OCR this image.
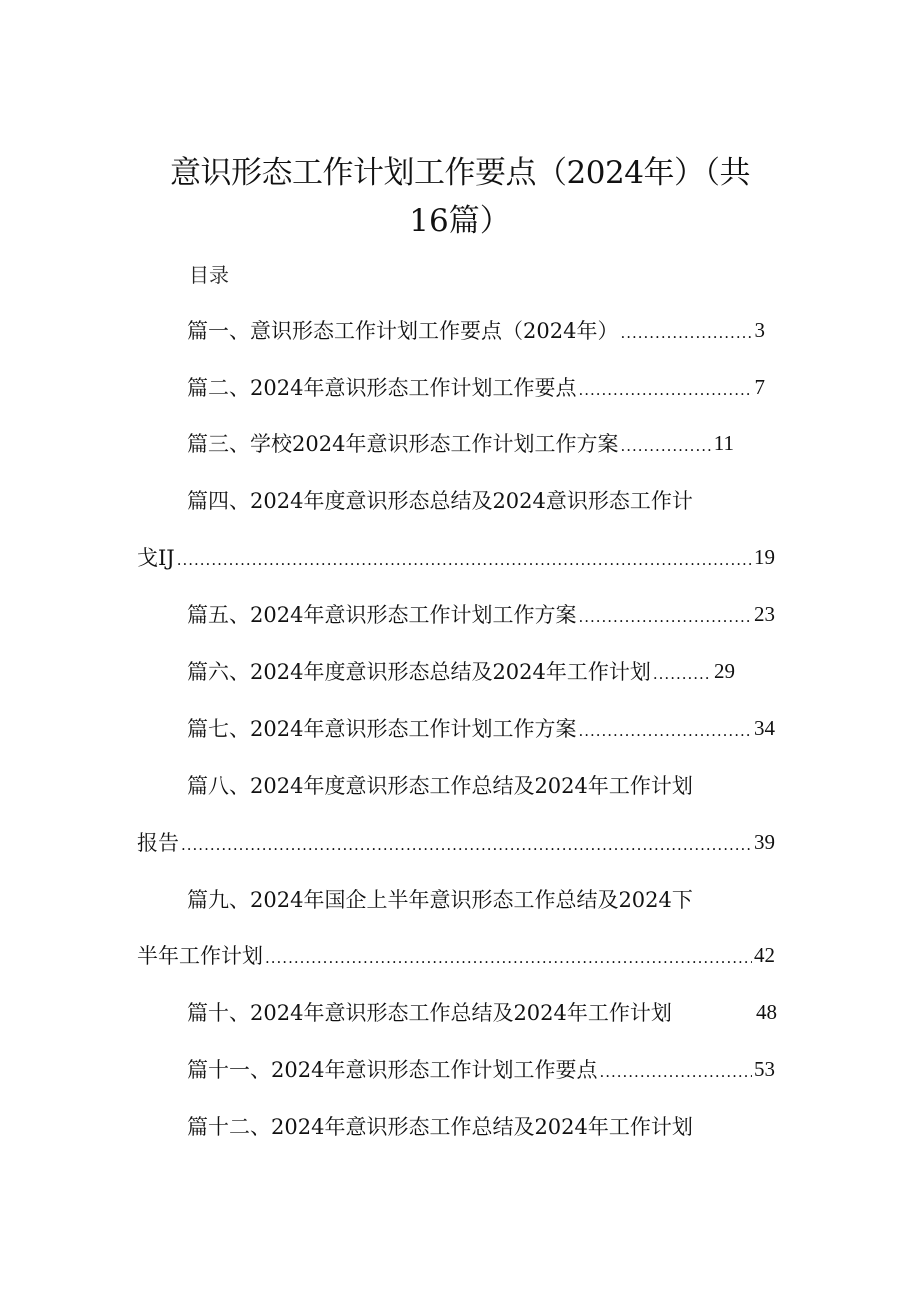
意识形态工作计划工作要点（2024年）（共
16篇）
目录
篇一、意识形态工作计划工作要点（2024年） .....	3
篇二、2024年意识形态工作计划工作要点 .....	7
篇三、学校2024年意识形态工作计划工作方案 .....	11
篇四、2024年度意识形态总结及2024意识形态工作计
戈IJ .....	19
篇五、2024年意识形态工作计划工作方案 .....	23
篇六、2024年度意识形态总结及2024年工作计划 .....	29
篇七、2024年意识形态工作计划工作方案 .....	34
篇八、2024年度意识形态工作总结及2024年工作计划
报告 .....	39
篇九、2024年国企上半年意识形态工作总结及2024下
半年工作计划 .....	42
篇十、2024年意识形态工作总结及2024年工作计划	48
篇十一、2024年意识形态工作计划工作要点 .....	53
篇十二、2024年意识形态工作总结及2024年工作计划
